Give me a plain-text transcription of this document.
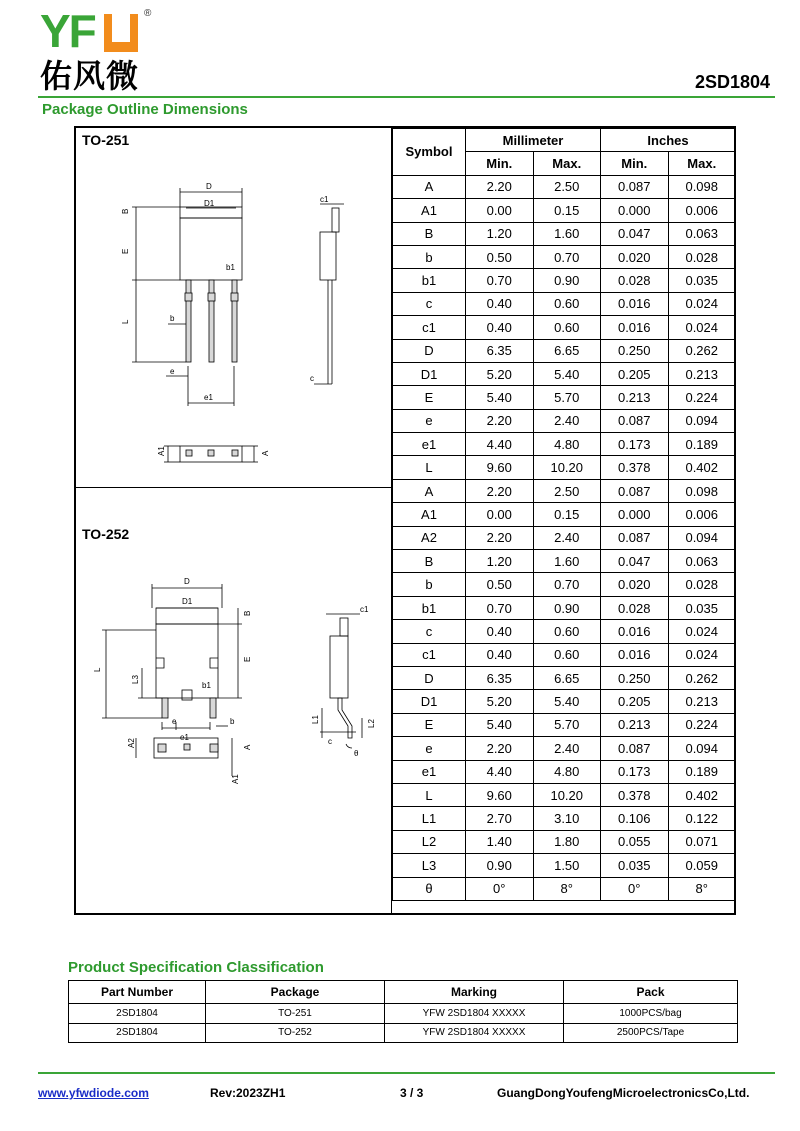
YF	®
佑风微	2SD1804
Package Outline Dimensions
TO-251
TO-252
D
D1
B
E
L	b
b1
e
e1
c1
c
A1	A
D
D1
B
E
L
L3
b1
e
e1
b
c1
L1	L2
c
θ
A2	A
A1
Symbol	Millimeter		Inches	
	Min.	Max.	Min.	Max.
A	2.20	2.50	0.087	0.098
A1	0.00	0.15	0.000	0.006
B	1.20	1.60	0.047	0.063
b	0.50	0.70	0.020	0.028
b1	0.70	0.90	0.028	0.035
c	0.40	0.60	0.016	0.024
c1	0.40	0.60	0.016	0.024
D	6.35	6.65	0.250	0.262
D1	5.20	5.40	0.205	0.213
E	5.40	5.70	0.213	0.224
e	2.20	2.40	0.087	0.094
e1	4.40	4.80	0.173	0.189
L	9.60	10.20	0.378	0.402
A	2.20	2.50	0.087	0.098
A1	0.00	0.15	0.000	0.006
A2	2.20	2.40	0.087	0.094
B	1.20	1.60	0.047	0.063
b	0.50	0.70	0.020	0.028
b1	0.70	0.90	0.028	0.035
c	0.40	0.60	0.016	0.024
c1	0.40	0.60	0.016	0.024
D	6.35	6.65	0.250	0.262
D1	5.20	5.40	0.205	0.213
E	5.40	5.70	0.213	0.224
e	2.20	2.40	0.087	0.094
e1	4.40	4.80	0.173	0.189
L	9.60	10.20	0.378	0.402
L1	2.70	3.10	0.106	0.122
L2	1.40	1.80	0.055	0.071
L3	0.90	1.50	0.035	0.059
θ	0°	8°	0°	8°
Product Specification Classification
Part Number	Package	Marking	Pack
2SD1804	TO-251	YFW 2SD1804 XXXXX	1000PCS/bag
2SD1804	TO-252	YFW 2SD1804 XXXXX	2500PCS/Tape
www.yfwdiode.com	Rev:2023ZH1	3 / 3	GuangDongYoufengMicroelectronicsCo,Ltd.
